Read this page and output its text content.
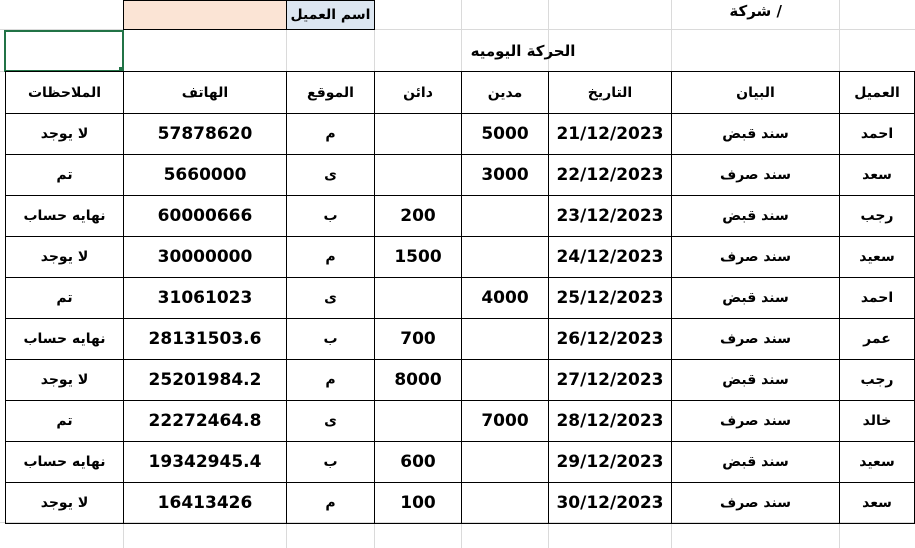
شركة /
اسم العميل
الحركة اليوميه
العميل
البيان
التاريخ
مدين
دائن
الموقع
الهاتف
الملاحظات
احمد
سند قبض
21/12/2023
5000
م
57878620
لا يوجد
سعد
سند صرف
22/12/2023
3000
ى
5660000
تم
رجب
سند قبض
23/12/2023
200
ب
60000666
نهايه حساب
سعيد
سند صرف
24/12/2023
1500
م
30000000
لا يوجد
احمد
سند قبض
25/12/2023
4000
ى
31061023
تم
عمر
سند صرف
26/12/2023
700
ب
28131503.6
نهايه حساب
رجب
سند قبض
27/12/2023
8000
م
25201984.2
لا يوجد
خالد
سند صرف
28/12/2023
7000
ى
22272464.8
تم
سعيد
سند قبض
29/12/2023
600
ب
19342945.4
نهايه حساب
سعد
سند صرف
30/12/2023
100
م
16413426
لا يوجد
